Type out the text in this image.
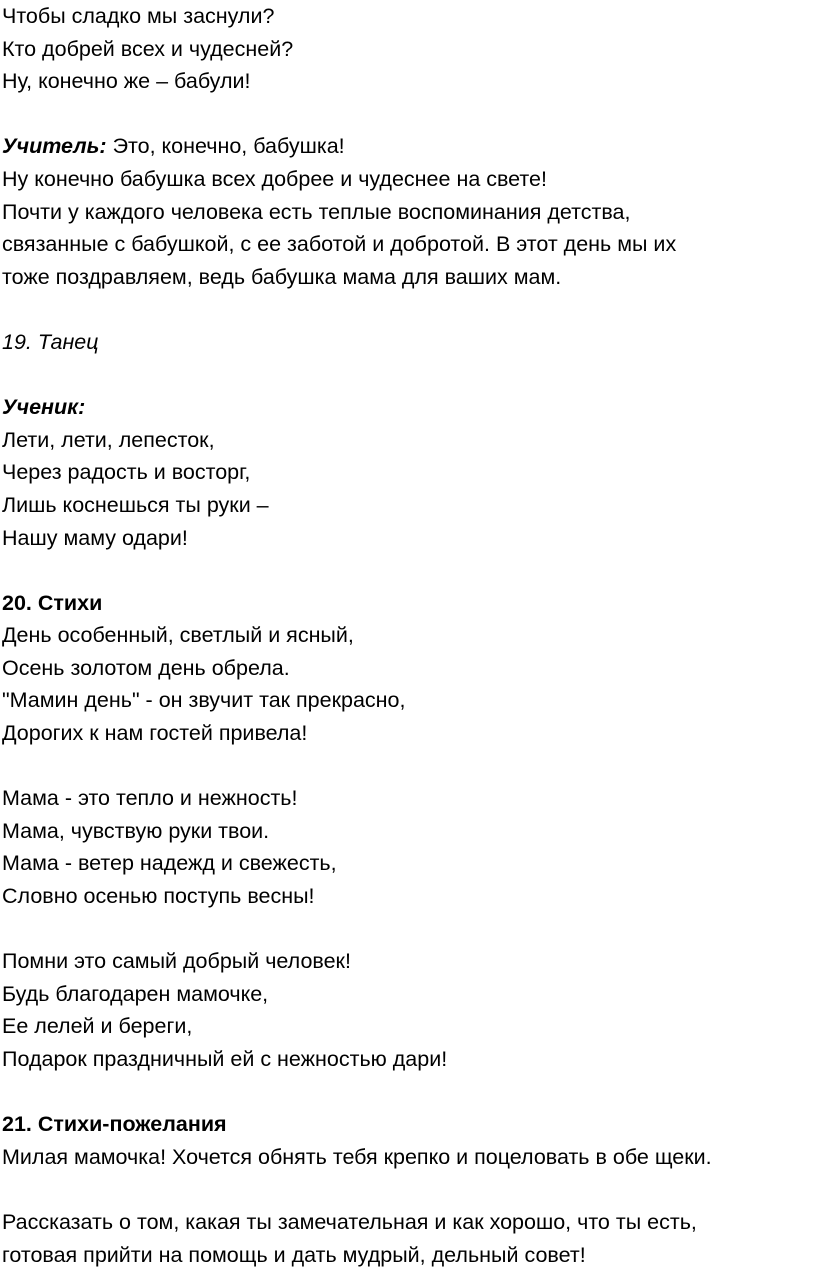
Чтобы сладко мы заснули?
Кто добрей всех и чудесней?
Ну, конечно же – бабули!
Учитель: Это, конечно, бабушка!
Ну конечно бабушка всех добрее и чудеснее на свете!
Почти у каждого человека есть теплые воспоминания детства,
связанные с бабушкой, с ее заботой и добротой. В этот день мы их
тоже поздравляем, ведь бабушка мама для ваших мам.
19. Танец
Ученик:
Лети, лети, лепесток,
Через радость и восторг,
Лишь коснешься ты руки –
Нашу маму одари!
20. Стихи
День особенный, светлый и ясный,
Осень золотом день обрела.
"Мамин день" - он звучит так прекрасно,
Дорогих к нам гостей привела!
Мама - это тепло и нежность!
Мама, чувствую руки твои.
Мама - ветер надежд и свежесть,
Словно осенью поступь весны!
Помни это самый добрый человек!
Будь благодарен мамочке,
Ее лелей и береги,
Подарок праздничный ей с нежностью дари!
21. Стихи-пожелания
Милая мамочка! Хочется обнять тебя крепко и поцеловать в обе щеки.
Рассказать о том, какая ты замечательная и как хорошо, что ты есть,
готовая прийти на помощь и дать мудрый, дельный совет!
